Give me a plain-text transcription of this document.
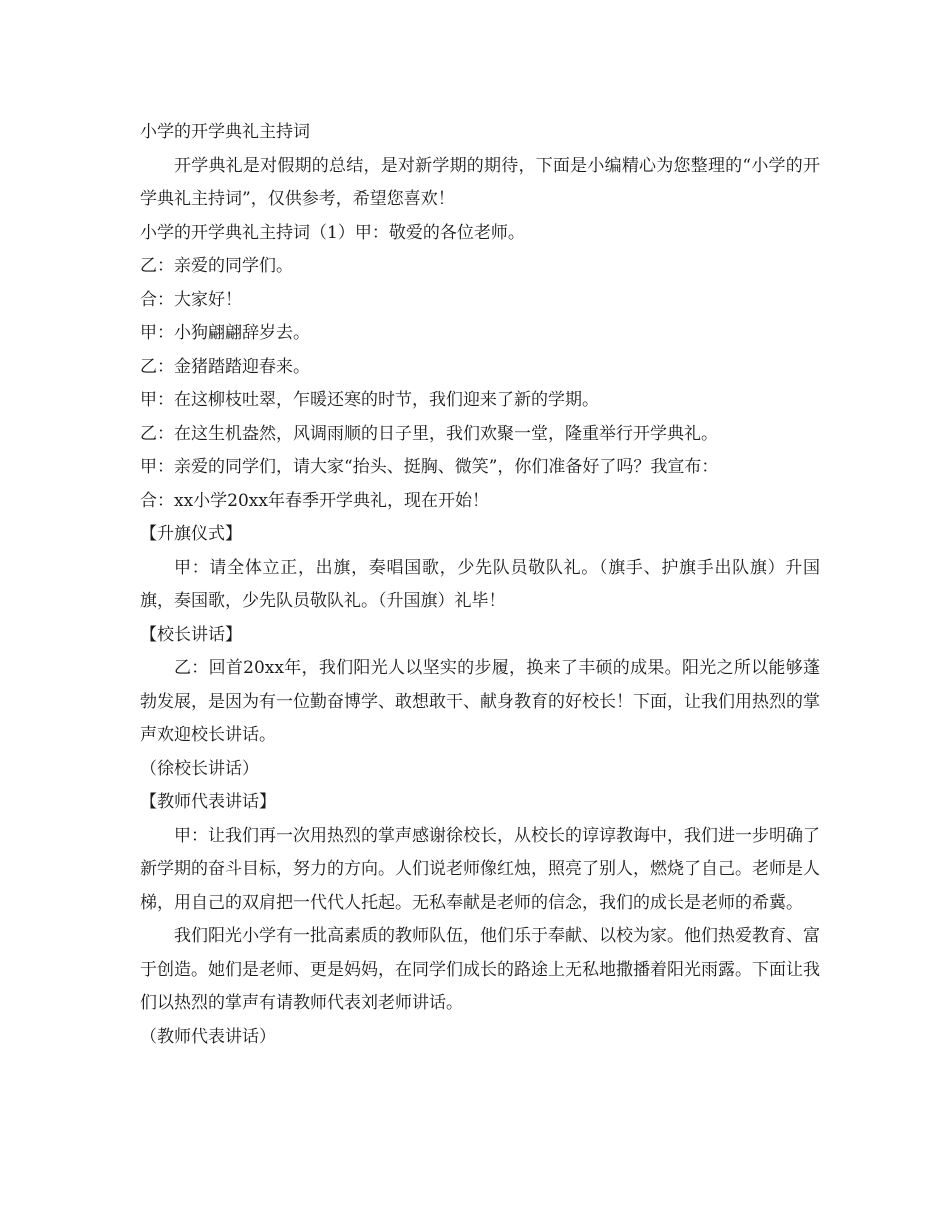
小学的开学典礼主持词

开学典礼是对假期的总结，是对新学期的期待，下面是小编精心为您整理的“小学的开学典礼主持词”，仅供参考，希望您喜欢！

小学的开学典礼主持词（1）甲：敬爱的各位老师。

乙：亲爱的同学们。

合：大家好！

甲：小狗翩翩辞岁去。

乙：金猪踏踏迎春来。

甲：在这柳枝吐翠，乍暖还寒的时节，我们迎来了新的学期。

乙：在这生机盎然，风调雨顺的日子里，我们欢聚一堂，隆重举行开学典礼。

甲：亲爱的同学们，请大家“抬头、挺胸、微笑”，你们准备好了吗？我宣布：

合：xx小学20xx年春季开学典礼，现在开始！

【升旗仪式】

甲：请全体立正，出旗，奏唱国歌，少先队员敬队礼。（旗手、护旗手出队旗）升国旗，奏国歌，少先队员敬队礼。（升国旗）礼毕！

【校长讲话】

乙：回首20xx年，我们阳光人以坚实的步履，换来了丰硕的成果。阳光之所以能够蓬勃发展，是因为有一位勤奋博学、敢想敢干、献身教育的好校长！下面，让我们用热烈的掌声欢迎校长讲话。

（徐校长讲话）

【教师代表讲话】

甲：让我们再一次用热烈的掌声感谢徐校长，从校长的谆谆教诲中，我们进一步明确了新学期的奋斗目标，努力的方向。人们说老师像红烛，照亮了别人，燃烧了自己。老师是人梯，用自己的双肩把一代代人托起。无私奉献是老师的信念，我们的成长是老师的希冀。

我们阳光小学有一批高素质的教师队伍，他们乐于奉献、以校为家。他们热爱教育、富于创造。她们是老师、更是妈妈，在同学们成长的路途上无私地撒播着阳光雨露。下面让我们以热烈的掌声有请教师代表刘老师讲话。

（教师代表讲话）
